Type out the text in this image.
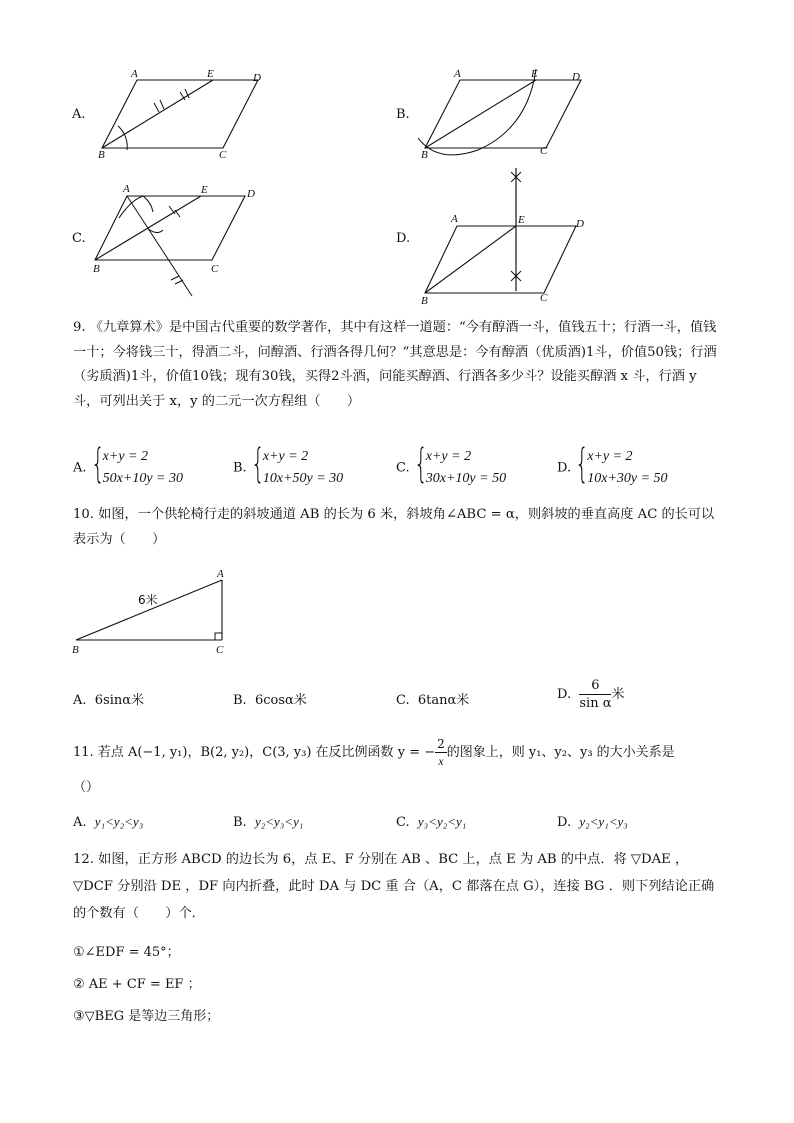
A.
A	E	D
B	C
B.
A	E	D
B	C
C.
A	E	D
B	C
D.
A	E	D
B	C
9. 《九章算术》是中国古代重要的数学著作，其中有这样一道题：“今有醇酒一斗，值钱五十；行酒一斗，值钱一十；今将钱三十，得酒二斗，问醇酒、行酒各得几何？”其意思是：今有醇酒（优质酒)1斗，价值50钱；行酒（劣质酒)1斗，价值10钱；现有30钱，买得2斗酒，问能买醇酒、行酒各多少斗？设能买醇酒 x 斗，行酒 y 斗，可列出关于 x，y 的二元一次方程组（　　）
A. {
x+y = 2
50x+10y = 30
B. {
x+y = 2
10x+50y = 30
C. {
x+y = 2
30x+10y = 50
D. {
x+y = 2
10x+30y = 50
10. 如图，一个供轮椅行走的斜坡通道 AB 的长为 6 米，斜坡角∠ABC = α，则斜坡的垂直高度 AC 的长可以表示为（　　）
A
B	C
6米
A. 6sinα米	B. 6cosα米	C. 6tanα米	D. $\frac{6}{\text{sin α}}$ 米
11. 若点 A(−1, y₁)，B(2, y₂)，C(3, y₃) 在反比例函数 y = − $\frac{2}{x}$ 的图象上，则 y₁、y₂、y₃ 的大小关系是
（）
A. y₁<y₂<y₃	B. y₂<y₃<y₁	C. y₃<y₂<y₁	D. y₂<y₁<y₃
12. 如图，正方形 ABCD 的边长为 6，点 E、F 分别在 AB 、BC 上，点 E 为 AB 的中点．将 ▽DAE ，▽DCF 分别沿 DE ，DF 向内折叠，此时 DA 与 DC 重 合（A，C 都落在点 G），连接 BG ．则下列结论正确的个数有（　　）个．
①∠EDF = 45°；
② AE + CF = EF ；
③▽BEG 是等边三角形；
